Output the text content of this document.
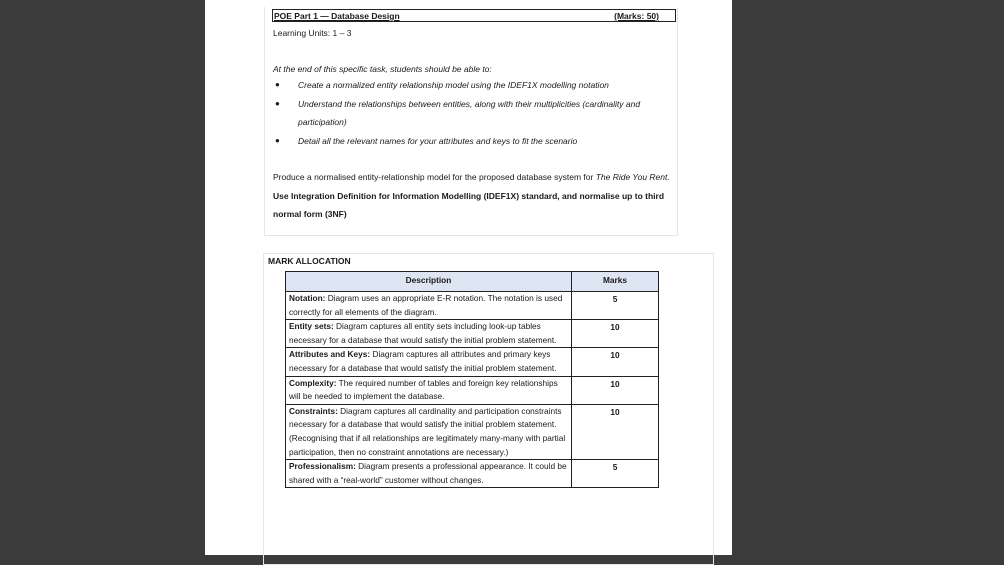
POE Part 1 — Database Design	(Marks: 50)
Learning Units: 1 – 3
At the end of this specific task, students should be able to:
● Create a normalized entity relationship model using the IDEF1X modelling notation
● Understand the relationships between entities, along with their multiplicities (cardinality and participation)
● Detail all the relevant names for your attributes and keys to fit the scenario
Produce a normalised entity-relationship model for the proposed database system for The Ride You Rent. Use Integration Definition for Information Modelling (IDEF1X) standard, and normalise up to third normal form (3NF)
MARK ALLOCATION
Description	Marks
Notation: Diagram uses an appropriate E-R notation. The notation is used correctly for all elements of the diagram.	5
Entity sets: Diagram captures all entity sets including look-up tables necessary for a database that would satisfy the initial problem statement.	10
Attributes and Keys: Diagram captures all attributes and primary keys necessary for a database that would satisfy the initial problem statement.	10
Complexity: The required number of tables and foreign key relationships will be needed to implement the database.	10
Constraints: Diagram captures all cardinality and participation constraints necessary for a database that would satisfy the initial problem statement. (Recognising that if all relationships are legitimately many-many with partial participation, then no constraint annotations are necessary.)	10
Professionalism: Diagram presents a professional appearance. It could be shared with a “real-world” customer without changes.	5
